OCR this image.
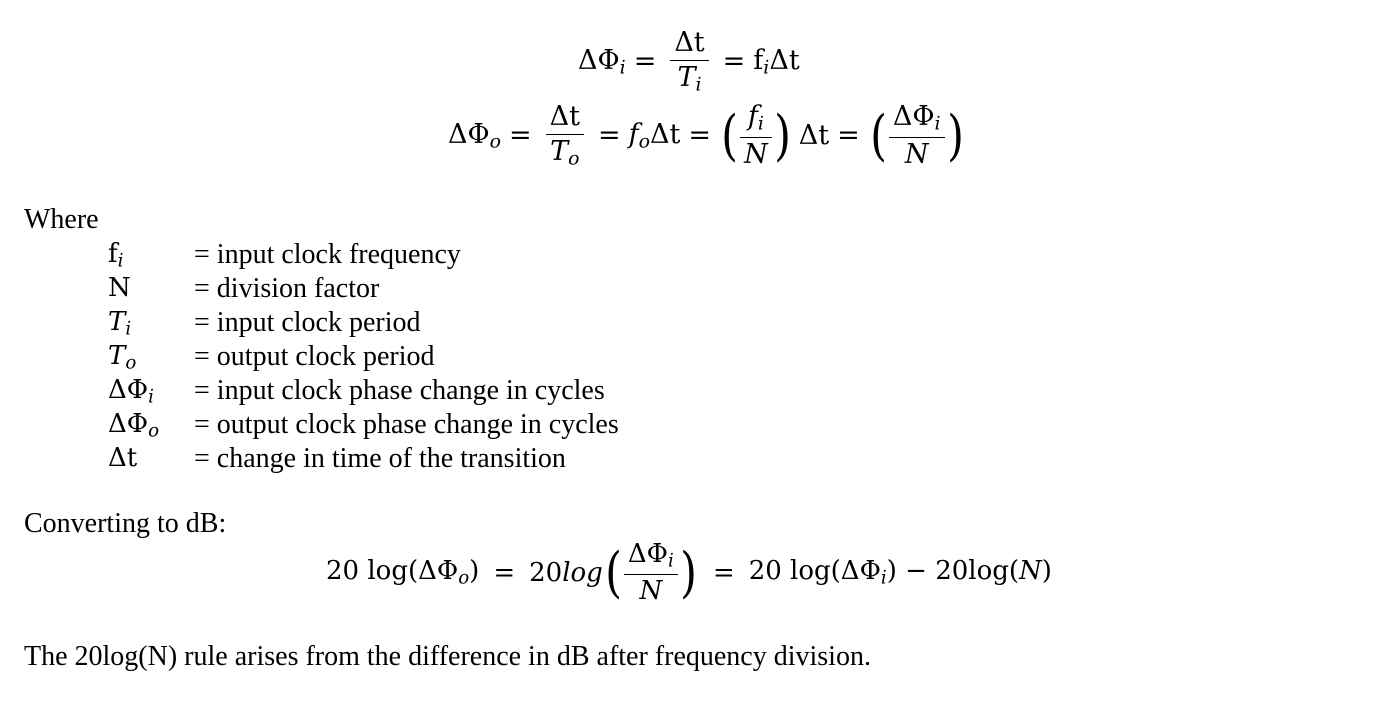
$\Delta\Phi_i = \frac{\Delta t}{T_i} = f_i\Delta t$
$\Delta\Phi_o = \frac{\Delta t}{T_o} = f_o\Delta t$ = ( $\frac{f_i}{N}$ ) Δt = ( $\frac{\Delta\Phi_i}{N}$ )
Where
$f_i$	= input clock frequency
N	= division factor
$T_i$	= input clock period
$T_o$	= output clock period
$\Delta\Phi_i$	= input clock phase change in cycles
$\Delta\Phi_o$	= output clock phase change in cycles
Δt	= change in time of the transition
Converting to dB:
20 $\log(\Delta\Phi_o) = 20\log$ ( $\frac{\Delta\Phi_i}{N}$ ) = 20 $\log(\Delta\Phi_i) - 20\log(N)$
The 20log(N) rule arises from the difference in dB after frequency division.
